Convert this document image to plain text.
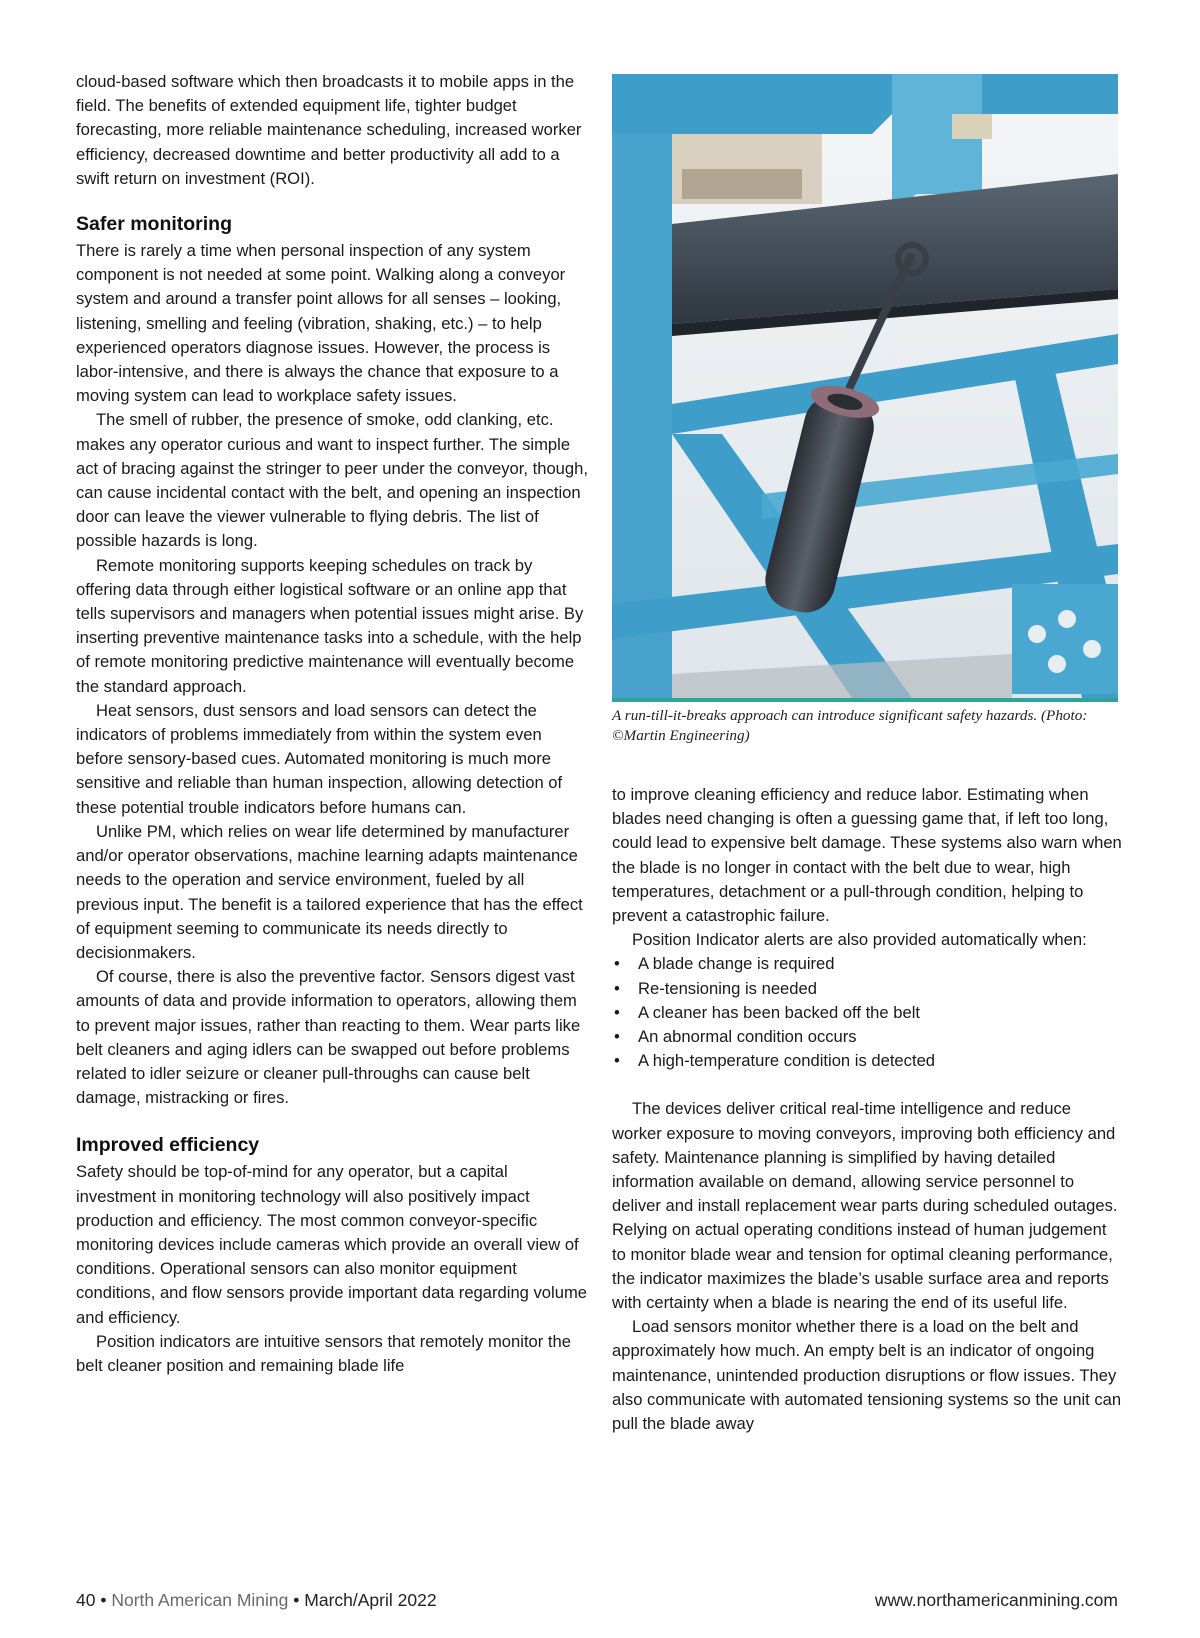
cloud-based software which then broadcasts it to mobile apps in the field. The benefits of extended equipment life, tighter budget forecasting, more reliable maintenance scheduling, increased worker efficiency, decreased downtime and better productivity all add to a swift return on investment (ROI).

Safer monitoring

There is rarely a time when personal inspection of any system component is not needed at some point. Walking along a conveyor system and around a transfer point allows for all senses – looking, listening, smelling and feeling (vibration, shaking, etc.) – to help experienced operators diagnose issues. However, the process is labor-intensive, and there is always the chance that exposure to a moving system can lead to workplace safety issues.

The smell of rubber, the presence of smoke, odd clanking, etc. makes any operator curious and want to inspect further. The simple act of bracing against the stringer to peer under the conveyor, though, can cause incidental contact with the belt, and opening an inspection door can leave the viewer vulnerable to flying debris. The list of possible hazards is long.

Remote monitoring supports keeping schedules on track by offering data through either logistical software or an online app that tells supervisors and managers when potential issues might arise. By inserting preventive maintenance tasks into a schedule, with the help of remote monitoring predictive maintenance will eventually become the standard approach.

Heat sensors, dust sensors and load sensors can detect the indicators of problems immediately from within the system even before sensory-based cues. Automated monitoring is much more sensitive and reliable than human inspection, allowing detection of these potential trouble indicators before humans can.

Unlike PM, which relies on wear life determined by manufacturer and/or operator observations, machine learning adapts maintenance needs to the operation and service environment, fueled by all previous input. The benefit is a tailored experience that has the effect of equipment seeming to communicate its needs directly to decisionmakers.

Of course, there is also the preventive factor. Sensors digest vast amounts of data and provide information to operators, allowing them to prevent major issues, rather than reacting to them. Wear parts like belt cleaners and aging idlers can be swapped out before problems related to idler seizure or cleaner pull-throughs can cause belt damage, mistracking or fires.

Improved efficiency

Safety should be top-of-mind for any operator, but a capital investment in monitoring technology will also positively impact production and efficiency. The most common conveyor-specific monitoring devices include cameras which provide an overall view of conditions. Operational sensors can also monitor equipment conditions, and flow sensors provide important data regarding volume and efficiency.

Position indicators are intuitive sensors that remotely monitor the belt cleaner position and remaining blade life

A run-till-it-breaks approach can introduce significant safety hazards. (Photo: ©Martin Engineering)

to improve cleaning efficiency and reduce labor. Estimating when blades need changing is often a guessing game that, if left too long, could lead to expensive belt damage. These systems also warn when the blade is no longer in contact with the belt due to wear, high temperatures, detachment or a pull-through condition, helping to prevent a catastrophic failure.

Position Indicator alerts are also provided automatically when:

• A blade change is required
• Re-tensioning is needed
• A cleaner has been backed off the belt
• An abnormal condition occurs
• A high-temperature condition is detected

The devices deliver critical real-time intelligence and reduce worker exposure to moving conveyors, improving both efficiency and safety. Maintenance planning is simplified by having detailed information available on demand, allowing service personnel to deliver and install replacement wear parts during scheduled outages. Relying on actual operating conditions instead of human judgement to monitor blade wear and tension for optimal cleaning performance, the indicator maximizes the blade’s usable surface area and reports with certainty when a blade is nearing the end of its useful life.

Load sensors monitor whether there is a load on the belt and approximately how much. An empty belt is an indicator of ongoing maintenance, unintended production disruptions or flow issues. They also communicate with automated tensioning systems so the unit can pull the blade away

40 • North American Mining • March/April 2022	www.northamericanmining.com
